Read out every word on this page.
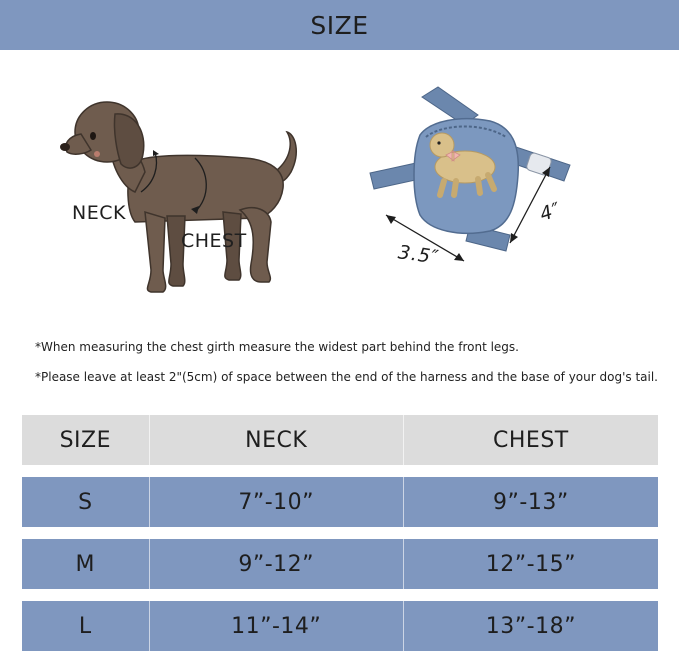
SIZE
NECK
CHEST
4″
3.5″
*When measuring the chest girth measure the widest part behind the front legs.
*Please leave at least 2"(5cm) of space between the end of the harness and the base of your dog's tail.
SIZE	NECK	CHEST
S	7”-10”	9”-13”
M	9”-12”	12”-15”
L	11”-14”	13”-18”
